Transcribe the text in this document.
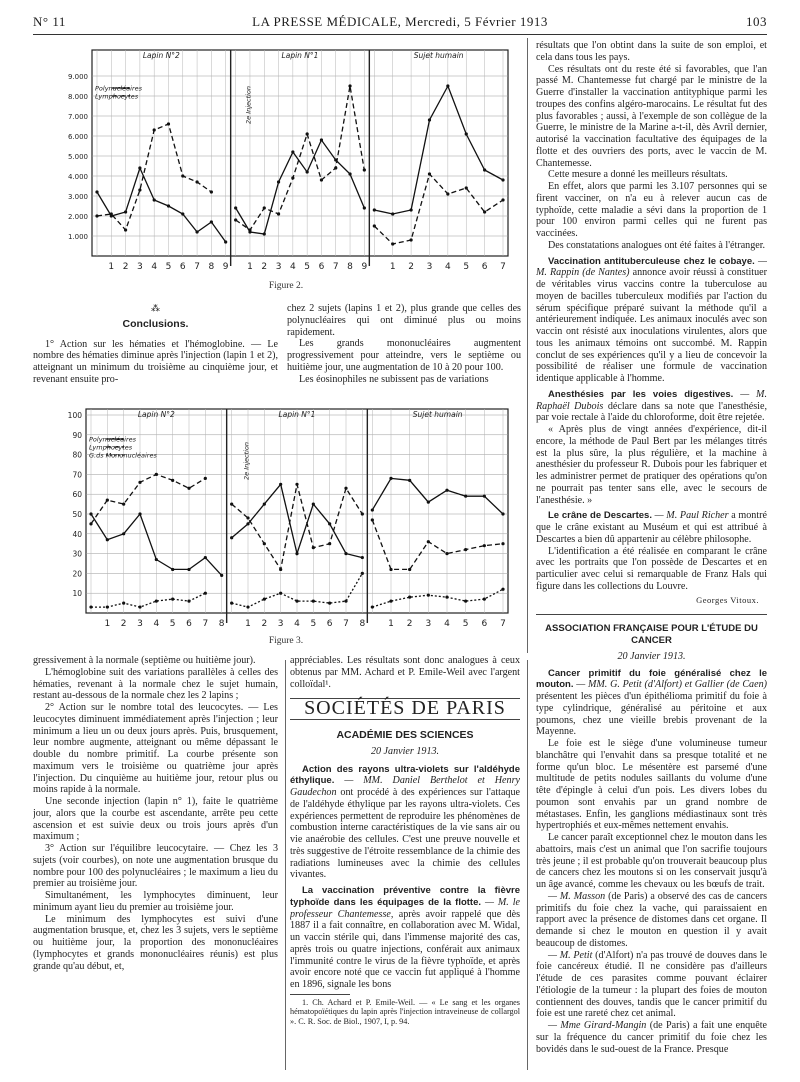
N° 11	LA PRESSE MÉDICALE, Mercredi, 5 Février 1913	103
9.000
8.000
7.000
6.000
5.000
4.000
3.000
2.000
1.000
1 2 3 4 5 6 7 8 9
Lapin N°2
1 2 3 4 5 6 7 8 9
Lapin N°1
1 2 3 4 5 6 7
Sujet humain
2e Injection
Polynucléaires
Lymphocytes
Figure 2.
⁂
Conclusions.

1° Action sur les hématies et l'hémoglobine. — Le nombre des hématies diminue après l'injection (lapin 1 et 2), atteignant un minimum du troisième au cinquième jour, et revenant ensuite pro-

chez 2 sujets (lapins 1 et 2), plus grande que celles des polynucléaires qui ont diminué plus ou moins rapidement.

Les grands mononucléaires augmentent progressivement pour atteindre, vers le septième ou huitième jour, une augmentation de 10 à 20 pour 100.

Les éosinophiles ne subissent pas de variations

100
90
80
70
60
50
40
30
20
10
1 2 3 4 5 6 7 8
Lapin N°2
1 2 3 4 5 6 7 8
Lapin N°1
1 2 3 4 5 6 7
Sujet humain
2e Injection
Polynucléaires
Lymphocytes
G.ds Mononucléaires
Figure 3.

gressivement à la normale (septième ou huitième jour).

L'hémoglobine suit des variations parallèles à celles des hématies, revenant à la normale chez le sujet humain, restant au-dessous de la normale chez les 2 lapins ;

2° Action sur le nombre total des leucocytes. — Les leucocytes diminuent immédiatement après l'injection ; leur minimum a lieu un ou deux jours après. Puis, brusquement, leur nombre augmente, atteignant ou même dépassant le double du nombre primitif. La courbe présente son maximum vers le troisième ou quatrième jour après l'injection. Du cinquième au huitième jour, retour plus ou moins rapide à la normale.

Une seconde injection (lapin n° 1), faite le quatrième jour, alors que la courbe est ascendante, arrête peu cette ascension et est suivie deux ou trois jours après d'un maximum ;

3° Action sur l'équilibre leucocytaire. — Chez les 3 sujets (voir courbes), on note une augmentation brusque du nombre pour 100 des polynucléaires ; le maximum a lieu du premier au troisième jour.

Simultanément, les lymphocytes diminuent, leur minimum ayant lieu du premier au troisième jour.

Le minimum des lymphocytes est suivi d'une augmentation brusque, et, chez les 3 sujets, vers le septième ou huitième jour, la proportion des mononucléaires (lymphocytes et grands mononucléaires réunis) est plus grande qu'au début, et,

appréciables. Les résultats sont donc analogues à ceux obtenus par MM. Achard et P. Emile-Weil avec l'argent colloïdal¹.

SOCIÉTÉS DE PARIS
ACADÉMIE DES SCIENCES
20 Janvier 1913.

Action des rayons ultra-violets sur l'aldéhyde éthylique. — MM. Daniel Berthelot et Henry Gaudechon ont procédé à des expériences sur l'attaque de l'aldéhyde éthylique par les rayons ultra-violets. Ces expériences permettent de reproduire les phénomènes de combustion interne caractéristiques de la vie sans air ou vie anaérobie des cellules. C'est une preuve nouvelle et très suggestive de l'étroite ressemblance de la chimie des radiations lumineuses avec la chimie des cellules vivantes.

La vaccination préventive contre la fièvre typhoïde dans les équipages de la flotte. — M. le professeur Chantemesse, après avoir rappelé que dès 1887 il a fait connaître, en collaboration avec M. Widal, un vaccin stérile qui, dans l'immense majorité des cas, après trois ou quatre injections, conférait aux animaux l'immunité contre le virus de la fièvre typhoïde, et après avoir encore noté que ce vaccin fut appliqué à l'homme en 1896, signale les bons

1. Ch. Achard et P. Emile-Weil. — « Le sang et les organes hématopoïétiques du lapin après l'injection intraveineuse de collargol ». C. R. Soc. de Biol., 1907, I, p. 94.

résultats que l'on obtint dans la suite de son emploi, et cela dans tous les pays.

Ces résultats ont du reste été si favorables, que l'an passé M. Chantemesse fut chargé par le ministre de la Guerre d'installer la vaccination antityphique parmi les troupes des confins algéro-marocains. Le résultat fut des plus favorables ; aussi, à l'exemple de son collègue de la Guerre, le ministre de la Marine a-t-il, dès Avril dernier, autorisé la vaccination facultative des équipages de la flotte et des ouvriers des ports, avec le vaccin de M. Chantemesse.

Cette mesure a donné les meilleurs résultats.

En effet, alors que parmi les 3.107 personnes qui se firent vacciner, on n'a eu à relever aucun cas de typhoïde, cette maladie a sévi dans la proportion de 1 pour 100 environ parmi celles qui ne furent pas vaccinées.

Des constatations analogues ont été faites à l'étranger.

Vaccination antituberculeuse chez le cobaye. — M. Rappin (de Nantes) annonce avoir réussi à constituer de véritables virus vaccins contre la tuberculose au moyen de bacilles tuberculeux modifiés par l'action du sérum spécifique préparé suivant la méthode qu'il a antérieurement indiquée. Les animaux inoculés avec son vaccin ont résisté aux inoculations virulentes, alors que tous les animaux témoins ont succombé. M. Rappin conclut de ses expériences qu'il y a lieu de concevoir la possibilité de réaliser une formule de vaccination identique applicable à l'homme.

Anesthésies par les voies digestives. — M. Raphaël Dubois déclare dans sa note que l'anesthésie, par voie rectale à l'aide du chloroforme, doit être rejetée.

« Après plus de vingt années d'expérience, dit-il encore, la méthode de Paul Bert par les mélanges titrés est la plus sûre, la plus régulière, et la machine à anesthésier du professeur R. Dubois pour les fabriquer et les administrer permet de pratiquer des opérations qu'on ne pourrait pas tenter sans elle, avec le secours de l'anesthésie. »

Le crâne de Descartes. — M. Paul Richer a montré que le crâne existant au Muséum et qui est attribué à Descartes a bien dû appartenir au célèbre philosophe.

L'identification a été réalisée en comparant le crâne avec les portraits que l'on possède de Descartes et en particulier avec celui si remarquable de Franz Hals qui figure dans les collections du Louvre.

Georges Vitoux.
ASSOCIATION FRANÇAISE POUR L'ÉTUDE DU CANCER
20 Janvier 1913.

Cancer primitif du foie généralisé chez le mouton. — MM. G. Petit (d'Alfort) et Gallier (de Caen) présentent les pièces d'un épithélioma primitif du foie à type cylindrique, généralisé au péritoine et aux poumons, chez une vieille brebis provenant de la Mayenne.

Le foie est le siège d'une volumineuse tumeur blanchâtre qui l'envahit dans sa presque totalité et ne forme qu'un bloc. Le mésentère est parsemé d'une multitude de petits nodules saillants du volume d'une tête d'épingle à celui d'un pois. Les divers lobes du poumon sont envahis par un grand nombre de métastases. Enfin, les ganglions médiastinaux sont très hypertrophiés et eux-mêmes nettement envahis.

Le cancer paraît exceptionnel chez le mouton dans les abattoirs, mais c'est un animal que l'on sacrifie toujours très jeune ; il est probable qu'on trouverait beaucoup plus de cancers chez les moutons si on les conservait jusqu'à un âge avancé, comme les chevaux ou les bœufs de trait.

— M. Masson (de Paris) a observé des cas de cancers primitifs du foie chez la vache, qui paraissaient en rapport avec la présence de distomes dans cet organe. Il demande si chez le mouton en question il y avait beaucoup de distomes.

— M. Petit (d'Alfort) n'a pas trouvé de douves dans le foie cancéreux étudié. Il ne considère pas d'ailleurs l'étude de ces parasites comme pouvant éclairer l'étiologie de la tumeur : la plupart des foies de mouton contiennent des douves, tandis que le cancer primitif du foie est une rareté chez cet animal.

— Mme Girard-Mangin (de Paris) a fait une enquête sur la fréquence du cancer primitif du foie chez les bovidés dans le sud-ouest de la France. Presque
